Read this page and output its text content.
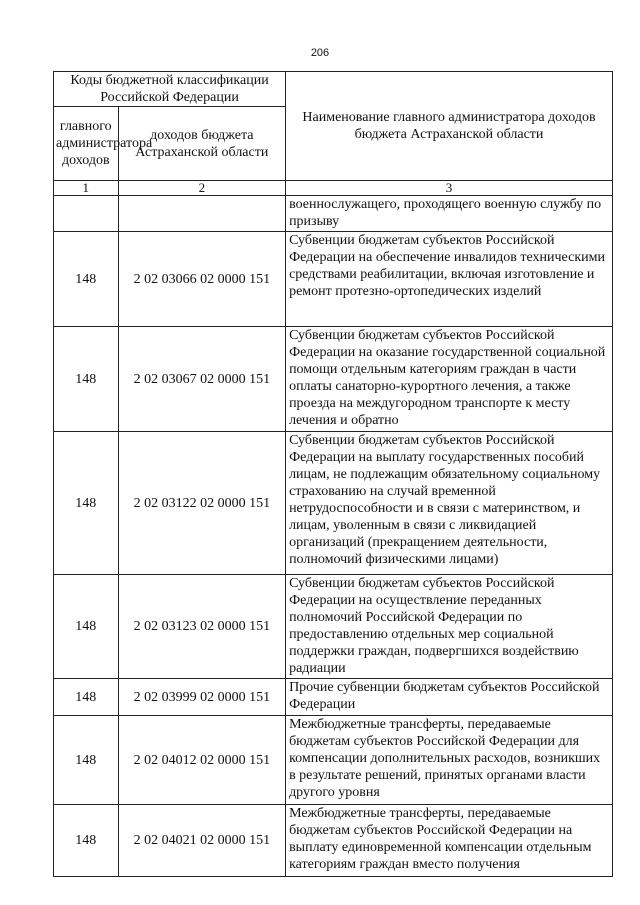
206
Коды бюджетной классификации Российской Федерации		Наименование главного администратора доходов бюджета Астраханской области
главного администратора доходов	доходов бюджета Астраханской области	
1	2	3
		военнослужащего, проходящего военную службу по призыву
148	2 02 03066 02 0000 151	Субвенции бюджетам субъектов Российской Федерации на обеспечение инвалидов техническими средствами реабилитации, включая изготовление и ремонт протезно-ортопедических изделий
148	2 02 03067 02 0000 151	Субвенции бюджетам субъектов Российской Федерации на оказание государственной социальной помощи отдельным категориям граждан в части оплаты санаторно-курортного лечения, а также проезда на междугородном транспорте к месту лечения и обратно
148	2 02 03122 02 0000 151	Субвенции бюджетам субъектов Российской Федерации на выплату государственных пособий лицам, не подлежащим обязательному социальному страхованию на случай временной нетрудоспособности и в связи с материнством, и лицам, уволенным в связи с ликвидацией организаций (прекращением деятельности, полномочий физическими лицами)
148	2 02 03123 02 0000 151	Субвенции бюджетам субъектов Российской Федерации на осуществление переданных полномочий Российской Федерации по предоставлению отдельных мер социальной поддержки граждан, подвергшихся воздействию радиации
148	2 02 03999 02 0000 151	Прочие субвенции бюджетам субъектов Российской Федерации
148	2 02 04012 02 0000 151	Межбюджетные трансферты, передаваемые бюджетам субъектов Российской Федерации для компенсации дополнительных расходов, возникших в результате решений, принятых органами власти другого уровня
148	2 02 04021 02 0000 151	Межбюджетные трансферты, передаваемые бюджетам субъектов Российской Федерации на выплату единовременной компенсации отдельным категориям граждан вместо получения
